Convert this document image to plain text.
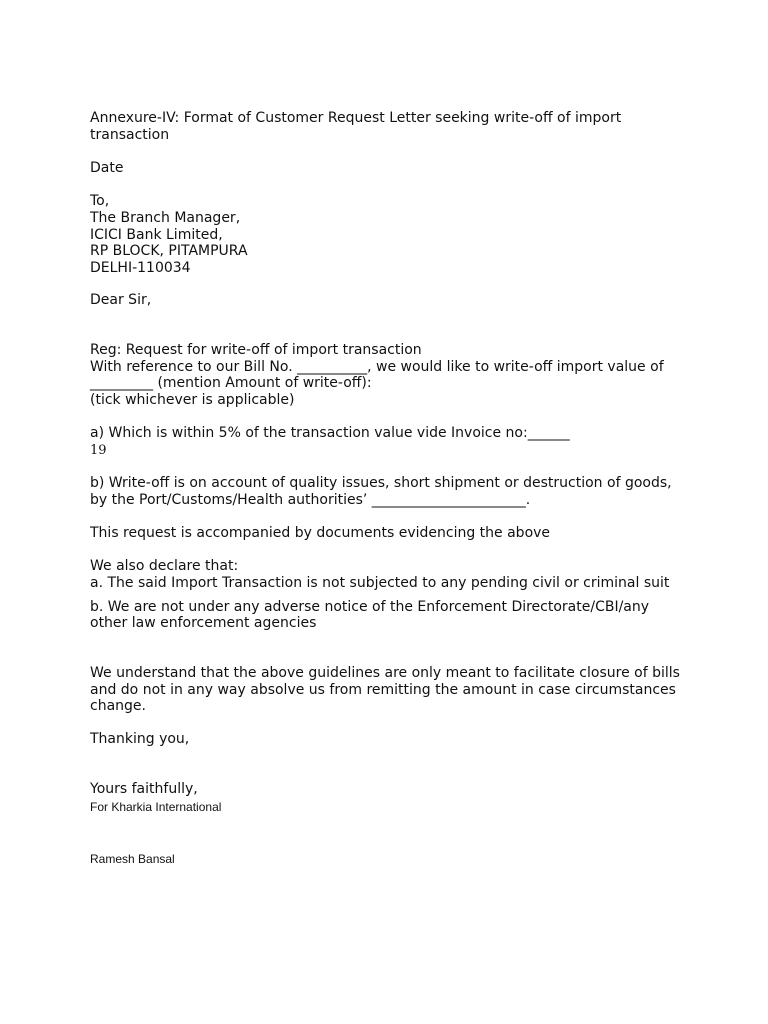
Annexure-IV: Format of Customer Request Letter seeking write-off of import

transaction

Date

To,

The Branch Manager,

ICICI Bank Limited,

RP BLOCK, PITAMPURA

DELHI-110034

Dear Sir,

Reg: Request for write-off of import transaction

With reference to our Bill No. __________, we would like to write-off import value of

_________ (mention Amount of write-off):

(tick whichever is applicable)

a) Which is within 5% of the transaction value vide Invoice no:______

19

b) Write-off is on account of quality issues, short shipment or destruction of goods,

by the Port/Customs/Health authorities’ ______________________.

This request is accompanied by documents evidencing the above

We also declare that:

a. The said Import Transaction is not subjected to any pending civil or criminal suit

b. We are not under any adverse notice of the Enforcement Directorate/CBI/any

other law enforcement agencies

We understand that the above guidelines are only meant to facilitate closure of bills

and do not in any way absolve us from remitting the amount in case circumstances

change.

Thanking you,

Yours faithfully,

For Kharkia International

Ramesh Bansal
